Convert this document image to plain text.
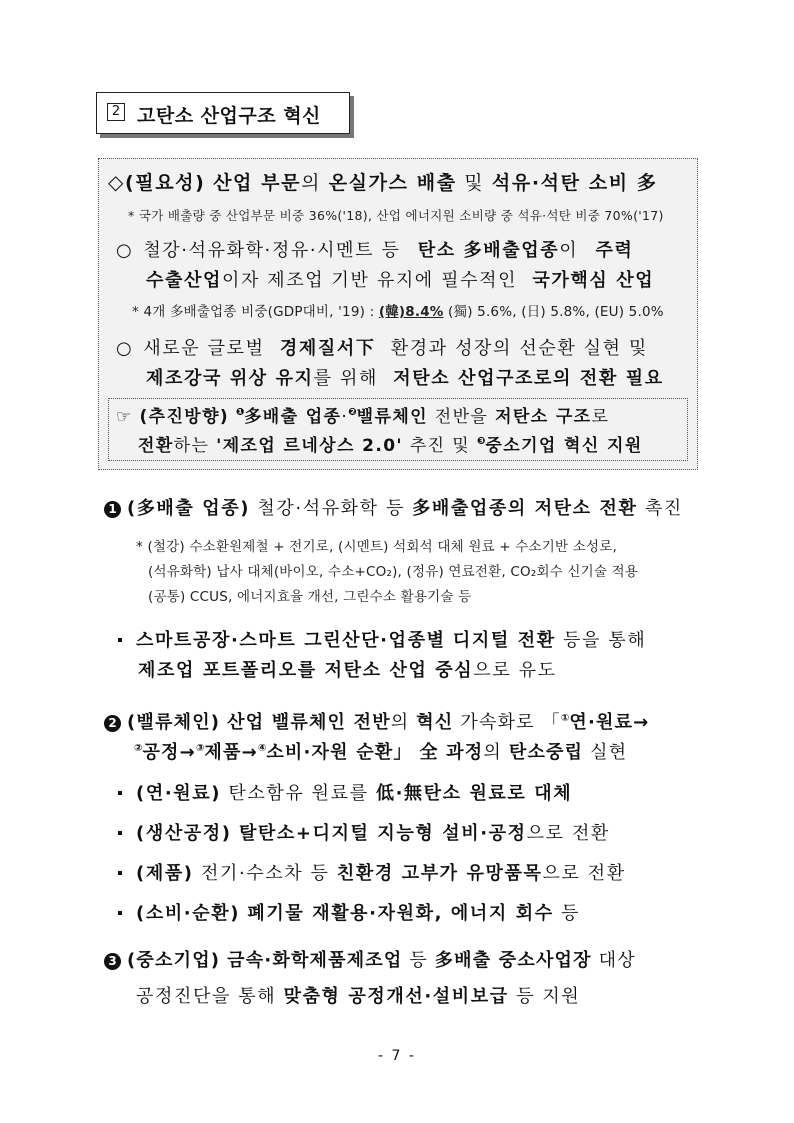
2 고탄소 산업구조 혁신
◇(필요성) 산업 부문의 온실가스 배출 및 석유·석탄 소비 多
* 국가 배출량 중 산업부문 비중 36%('18), 산업 에너지원 소비량 중 석유·석탄 비중 70%('17)
○ 철강·석유화학·정유·시멘트 등 탄소 多배출업종이 주력
수출산업이자 제조업 기반 유지에 필수적인 국가핵심 산업
* 4개 多배출업종 비중(GDP대비, '19) : (韓)8.4% (獨) 5.6%, (日) 5.8%, (EU) 5.0%
○ 새로운 글로벌 경제질서下 환경과 성장의 선순환 실현 및
제조강국 위상 유지를 위해 저탄소 산업구조로의 전환 필요
☞ (추진방향) $^❶$多배출 업종·$^❷$밸류체인 전반을 저탄소 구조로
전환하는 '제조업 르네상스 2.0' 추진 및 $^❸$중소기업 혁신 지원
1 (多배출 업종) 철강·석유화학 등 多배출업종의 저탄소 전환 촉진
* (철강) 수소환원제철 + 전기로, (시멘트) 석회석 대체 원료 + 수소기반 소성로,
(석유화학) 납사 대체(바이오, 수소+CO₂), (정유) 연료전환, CO₂회수 신기술 적용
(공통) CCUS, 에너지효율 개선, 그린수소 활용기술 등
스마트공장·스마트 그린산단·업종별 디지털 전환 등을 통해
제조업 포트폴리오를 저탄소 산업 중심으로 유도
2 (밸류체인) 산업 밸류체인 전반의 혁신 가속화로 「①연·원료→
②공정→③제품→④소비·자원 순환」 全 과정의 탄소중립 실현
(연·원료) 탄소함유 원료를 低·無탄소 원료로 대체
(생산공정) 탈탄소+디지털 지능형 설비·공정으로 전환
(제품) 전기·수소차 등 친환경 고부가 유망품목으로 전환
(소비·순환) 폐기물 재활용·자원화, 에너지 회수 등
3 (중소기업) 금속·화학제품제조업 등 多배출 중소사업장 대상
공정진단을 통해 맞춤형 공정개선·설비보급 등 지원
- 7 -
